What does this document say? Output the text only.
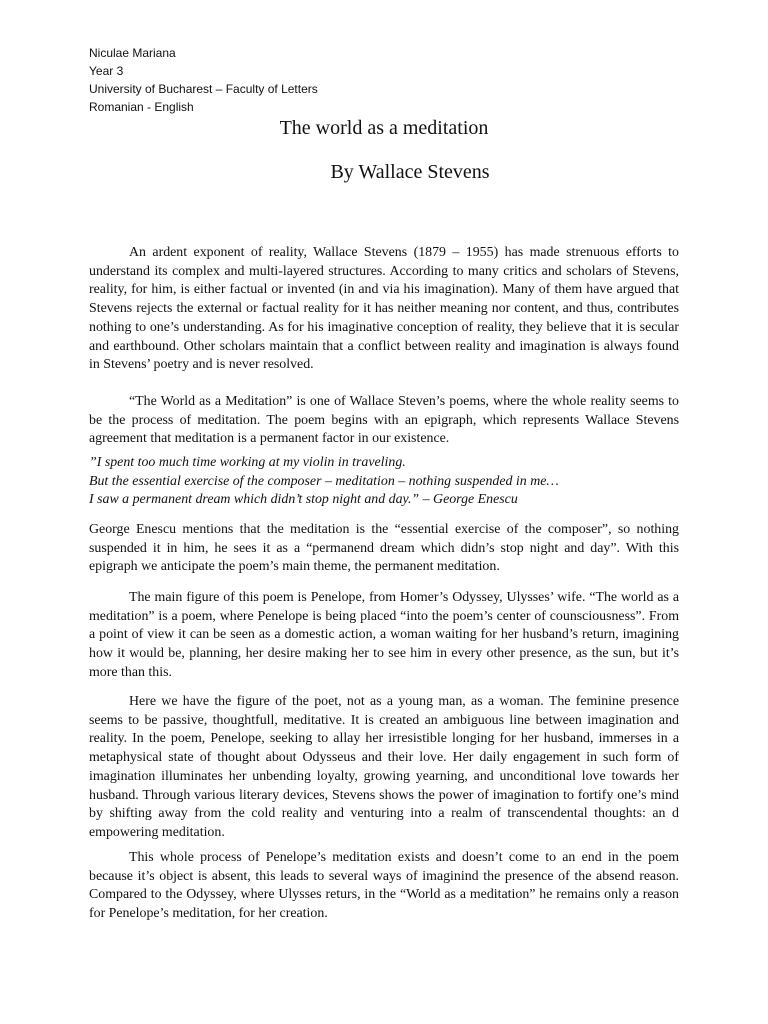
Niculae Mariana
Year 3
University of Bucharest – Faculty of Letters
Romanian - English
The world as a meditation
By Wallace Stevens

An ardent exponent of reality, Wallace Stevens (1879 – 1955) has made strenuous efforts to understand its complex and multi-layered structures. According to many critics and scholars of Stevens, reality, for him, is either factual or invented (in and via his imagination). Many of them have argued that Stevens rejects the external or factual reality for it has neither meaning nor content, and thus, contributes nothing to one’s understanding. As for his imaginative conception of reality, they believe that it is secular and earthbound. Other scholars maintain that a conflict between reality and imagination is always found in Stevens’ poetry and is never resolved.

“The World as a Meditation” is one of Wallace Steven’s poems, where the whole reality seems to be the process of meditation. The poem begins with an epigraph, which represents Wallace Stevens agreement that meditation is a permanent factor in our existence.

”I spent too much time working at my violin in traveling.

But the essential exercise of the composer – meditation – nothing suspended in me…

I saw a permanent dream which didn’t stop night and day.” – George Enescu

George Enescu mentions that the meditation is the “essential exercise of the composer”, so nothing suspended it in him, he sees it as a “permanend dream which didn’s stop night and day”. With this epigraph we anticipate the poem’s main theme, the permanent meditation.

The main figure of this poem is Penelope, from Homer’s Odyssey, Ulysses’ wife. “The world as a meditation” is a poem, where Penelope is being placed “into the poem’s center of counsciousness”. From a point of view it can be seen as a domestic action, a woman waiting for her husband’s return, imagining how it would be, planning, her desire making her to see him in every other presence, as the sun, but it’s more than this.

Here we have the figure of the poet, not as a young man, as a woman. The feminine presence seems to be passive, thoughtfull, meditative. It is created an ambiguous line between imagination and reality. In the poem, Penelope, seeking to allay her irresistible longing for her husband, immerses in a metaphysical state of thought about Odysseus and their love. Her daily engagement in such form of imagination illuminates her unbending loyalty, growing yearning, and unconditional love towards her husband. Through various literary devices, Stevens shows the power of imagination to fortify one’s mind by shifting away from the cold reality and venturing into a realm of transcendental thoughts: an d empowering meditation.

This whole process of Penelope’s meditation exists and doesn’t come to an end in the poem because it’s object is absent, this leads to several ways of imaginind the presence of the absend reason. Compared to the Odyssey, where Ulysses returs, in the “World as a meditation” he remains only a reason for Penelope’s meditation, for her creation.
